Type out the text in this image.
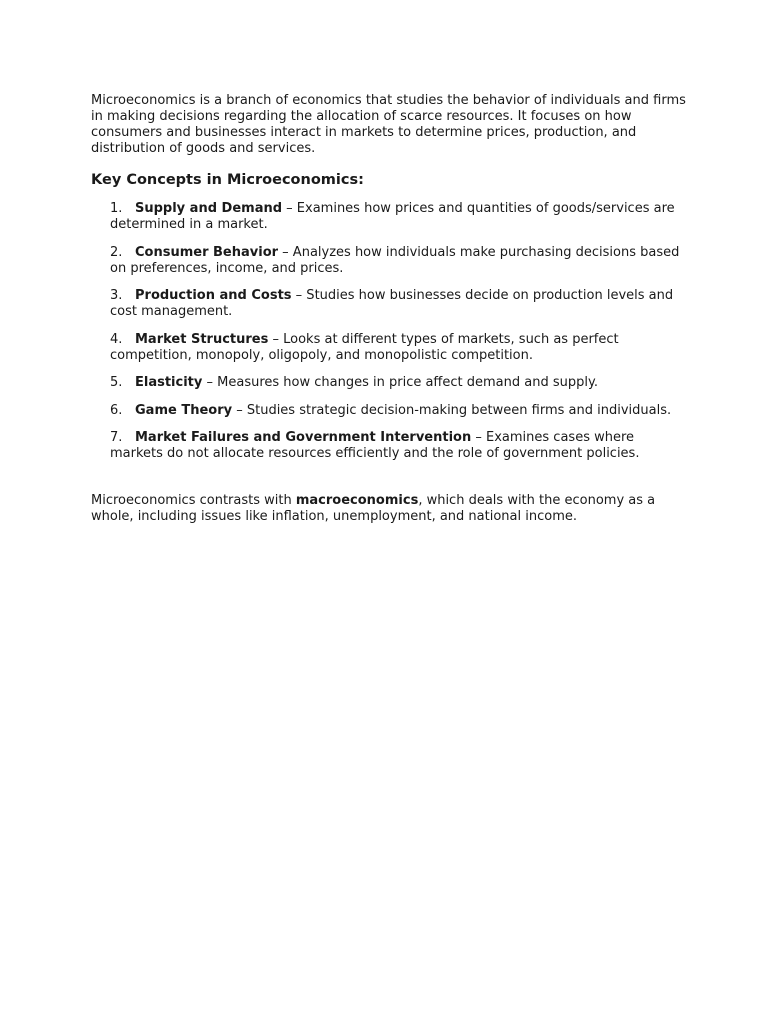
Microeconomics is a branch of economics that studies the behavior of individuals and firms in making decisions regarding the allocation of scarce resources. It focuses on how consumers and businesses interact in markets to determine prices, production, and distribution of goods and services.

Key Concepts in Microeconomics:
1. Supply and Demand – Examines how prices and quantities of goods/services are determined in a market.
2. Consumer Behavior – Analyzes how individuals make purchasing decisions based on preferences, income, and prices.
3. Production and Costs – Studies how businesses decide on production levels and cost management.
4. Market Structures – Looks at different types of markets, such as perfect competition, monopoly, oligopoly, and monopolistic competition.
5. Elasticity – Measures how changes in price affect demand and supply.
6. Game Theory – Studies strategic decision-making between firms and individuals.
7. Market Failures and Government Intervention – Examines cases where markets do not allocate resources efficiently and the role of government policies.

Microeconomics contrasts with macroeconomics, which deals with the economy as a whole, including issues like inflation, unemployment, and national income.
